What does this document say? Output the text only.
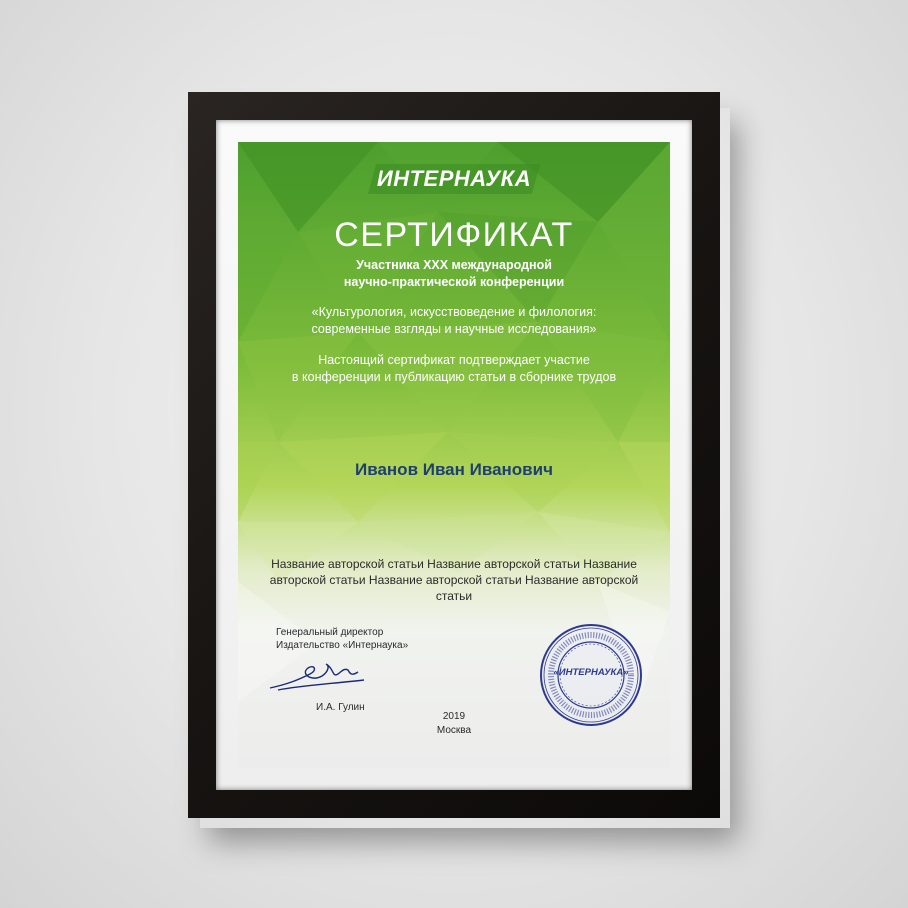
ИНТЕРНАУКА
СЕРТИФИКАТ
Участника XXX международной
научно-практической конференции
«Культурология, искусствоведение и филология:
современные взгляды и научные исследования»
Настоящий сертификат подтверждает участие
в конференции и публикацию статьи в сборнике трудов
Иванов Иван Иванович
Название авторской статьи Название авторской статьи Название
авторской статьи Название авторской статьи Название авторской
статьи
Генеральный директор
Издательство «Интернаука»
И.А. Гулин
2019
Москва
«ИНТЕРНАУКА»
